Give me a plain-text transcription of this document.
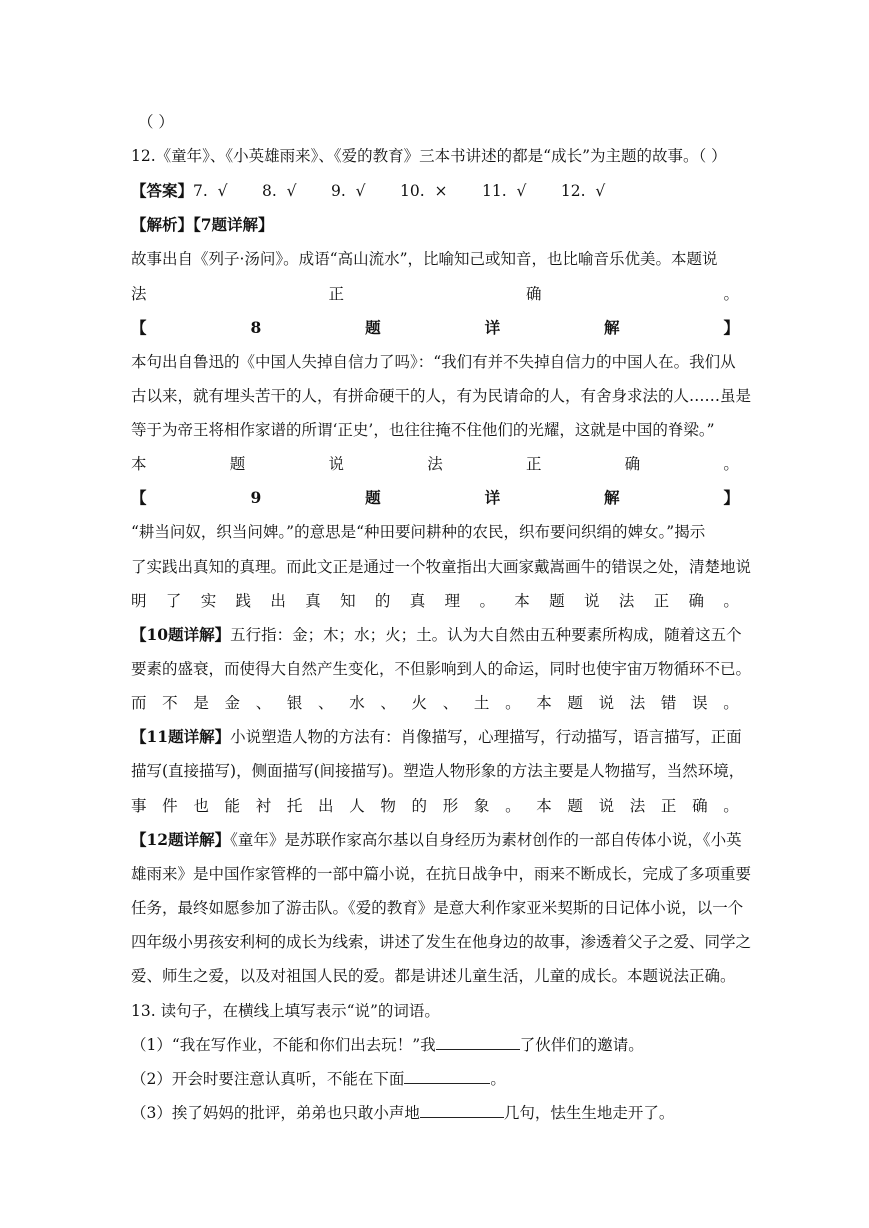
（ ）
12.《童年》、《小英雄雨来》、《爱的教育》三本书讲述的都是“成长”为主题的故事。（ ）
【答案】7.  √       8.  √       9.  √       10.  ×       11.  √       12.  √
【解析】【7题详解】
故事出自《列子·汤问》。成语“高山流水”，比喻知己或知音，也比喻音乐优美。本题说
法	正	确	。
【	8	题	详	解	】
本句出自鲁迅的《中国人失掉自信力了吗》：“我们有并不失掉自信力的中国人在。我们从
古以来，就有埋头苦干的人，有拼命硬干的人，有为民请命的人，有舍身求法的人……虽是
等于为帝王将相作家谱的所谓‘正史’，也往往掩不住他们的光耀，这就是中国的脊梁。”
本	题	说	法	正	确	。
【	9	题	详	解	】
“耕当问奴，织当问婢。”的意思是“种田要问耕种的农民，织布要问织绢的婢女。”揭示
了实践出真知的真理。而此文正是通过一个牧童指出大画家戴嵩画牛的错误之处，清楚地说
明 了 实 践 出 真 知 的 真 理 。 本 题 说 法 正 确 。
【10题详解】五行指：金；木；水；火；土。认为大自然由五种要素所构成，随着这五个
要素的盛衰，而使得大自然产生变化，不但影响到人的命运，同时也使宇宙万物循环不已。
而 不 是 金 、 银 、 水 、 火 、 土 。 本 题 说 法 错 误 。
【11题详解】小说塑造人物的方法有：肖像描写，心理描写，行动描写，语言描写，正面
描写(直接描写)，侧面描写(间接描写)。塑造人物形象的方法主要是人物描写，当然环境，
事 件 也 能 衬 托 出 人 物 的 形 象 。 本 题 说 法 正 确 。
【12题详解】《童年》是苏联作家高尔基以自身经历为素材创作的一部自传体小说，《小英
雄雨来》是中国作家管桦的一部中篇小说，在抗日战争中，雨来不断成长，完成了多项重要
任务，最终如愿参加了游击队。《爱的教育》是意大利作家亚米契斯的日记体小说，以一个
四年级小男孩安利柯的成长为线索，讲述了发生在他身边的故事，渗透着父子之爱、同学之
爱、师生之爱，以及对祖国人民的爱。都是讲述儿童生活，儿童的成长。本题说法正确。
13. 读句子，在横线上填写表示“说”的词语。
（1）“我在写作业，不能和你们出去玩！”我	了伙伴们的邀请。
（2）开会时要注意认真听，不能在下面	。
（3）挨了妈妈的批评，弟弟也只敢小声地	几句，怯生生地走开了。
